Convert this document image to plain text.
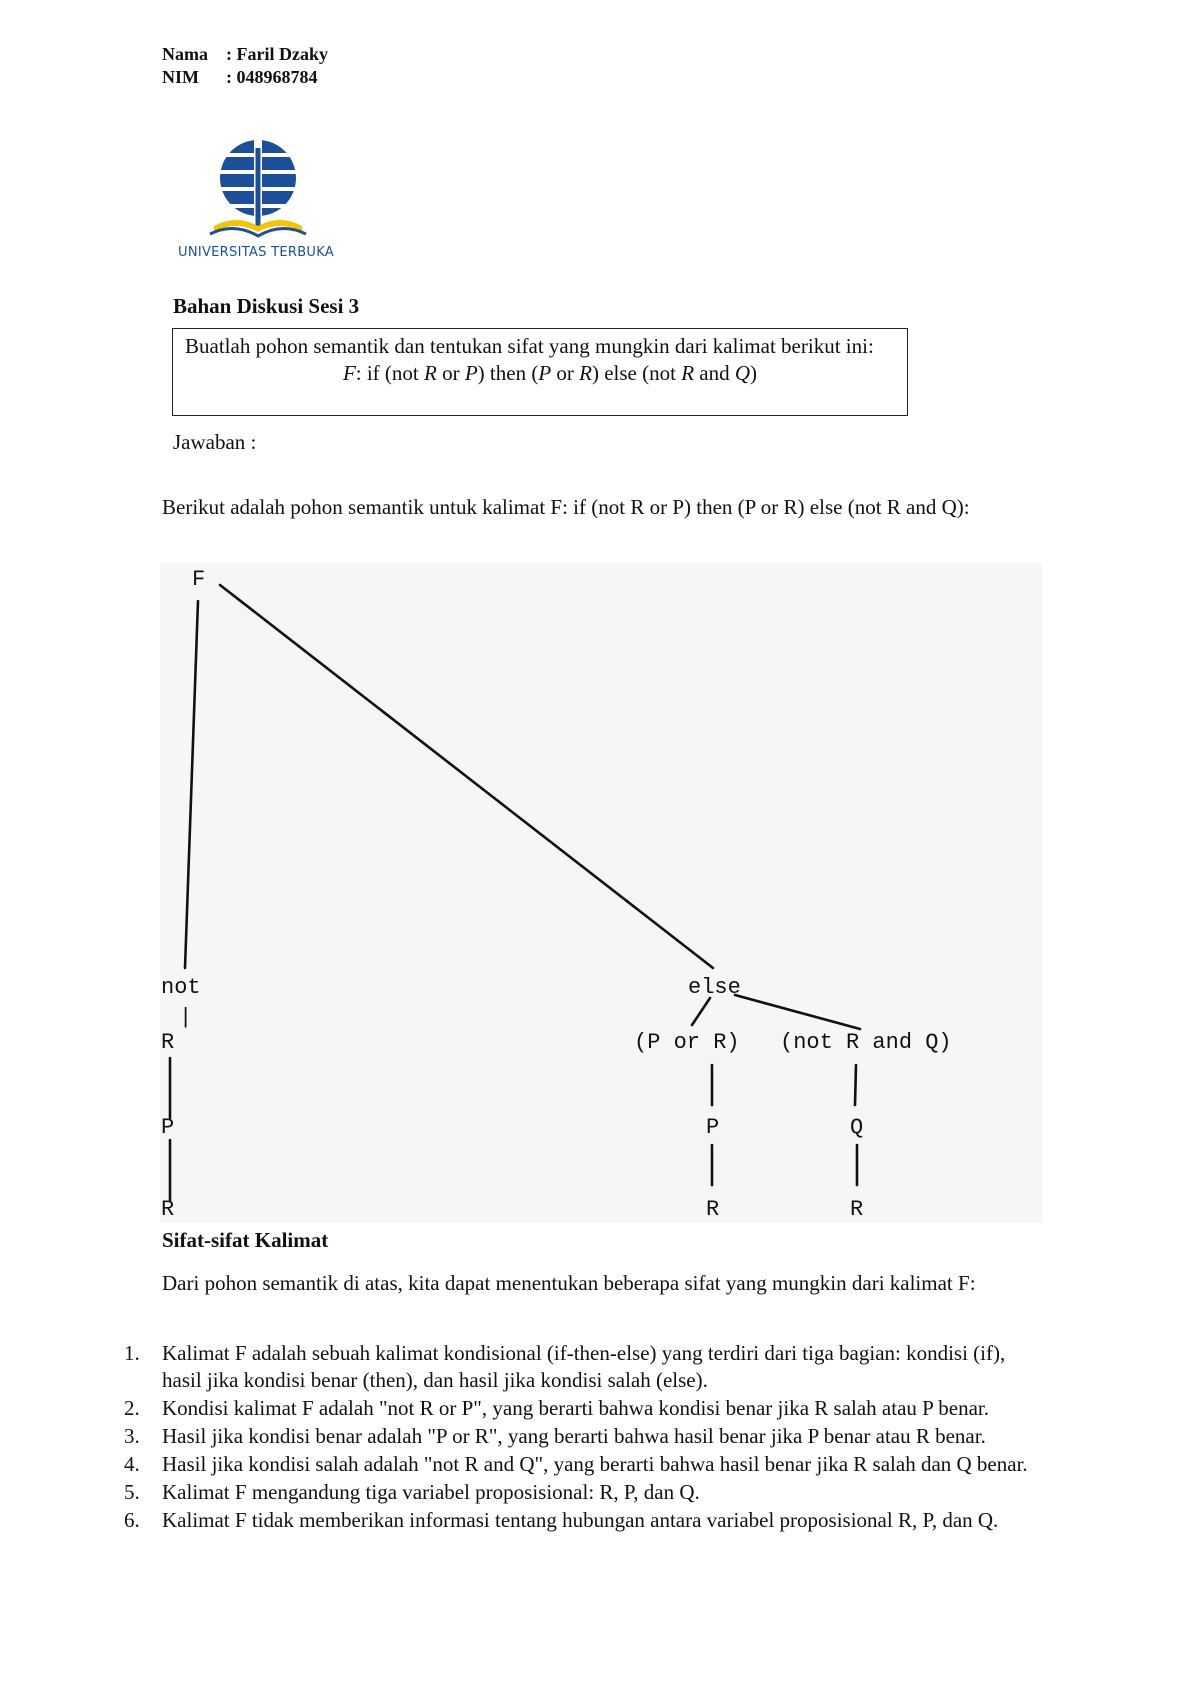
Nama : Faril Dzaky
NIM : 048968784
UNIVERSITAS TERBUKA
Bahan Diskusi Sesi 3
Buatlah pohon semantik dan tentukan sifat yang mungkin dari kalimat berikut ini:
F: if (not R or P) then (P or R) else (not R and Q)
Jawaban :
Berikut adalah pohon semantik untuk kalimat F: if (not R or P) then (P or R) else (not R and Q):
F
not
|
R
P
R
else
(P or R) (not R and Q)
P
R
Q
R
Sifat-sifat Kalimat
Dari pohon semantik di atas, kita dapat menentukan beberapa sifat yang mungkin dari kalimat F:
1. Kalimat F adalah sebuah kalimat kondisional (if-then-else) yang terdiri dari tiga bagian: kondisi (if), hasil jika kondisi benar (then), dan hasil jika kondisi salah (else).
2. Kondisi kalimat F adalah "not R or P", yang berarti bahwa kondisi benar jika R salah atau P benar.
3. Hasil jika kondisi benar adalah "P or R", yang berarti bahwa hasil benar jika P benar atau R benar.
4. Hasil jika kondisi salah adalah "not R and Q", yang berarti bahwa hasil benar jika R salah dan Q benar.
5. Kalimat F mengandung tiga variabel proposisional: R, P, dan Q.
6. Kalimat F tidak memberikan informasi tentang hubungan antara variabel proposisional R, P, dan Q.
